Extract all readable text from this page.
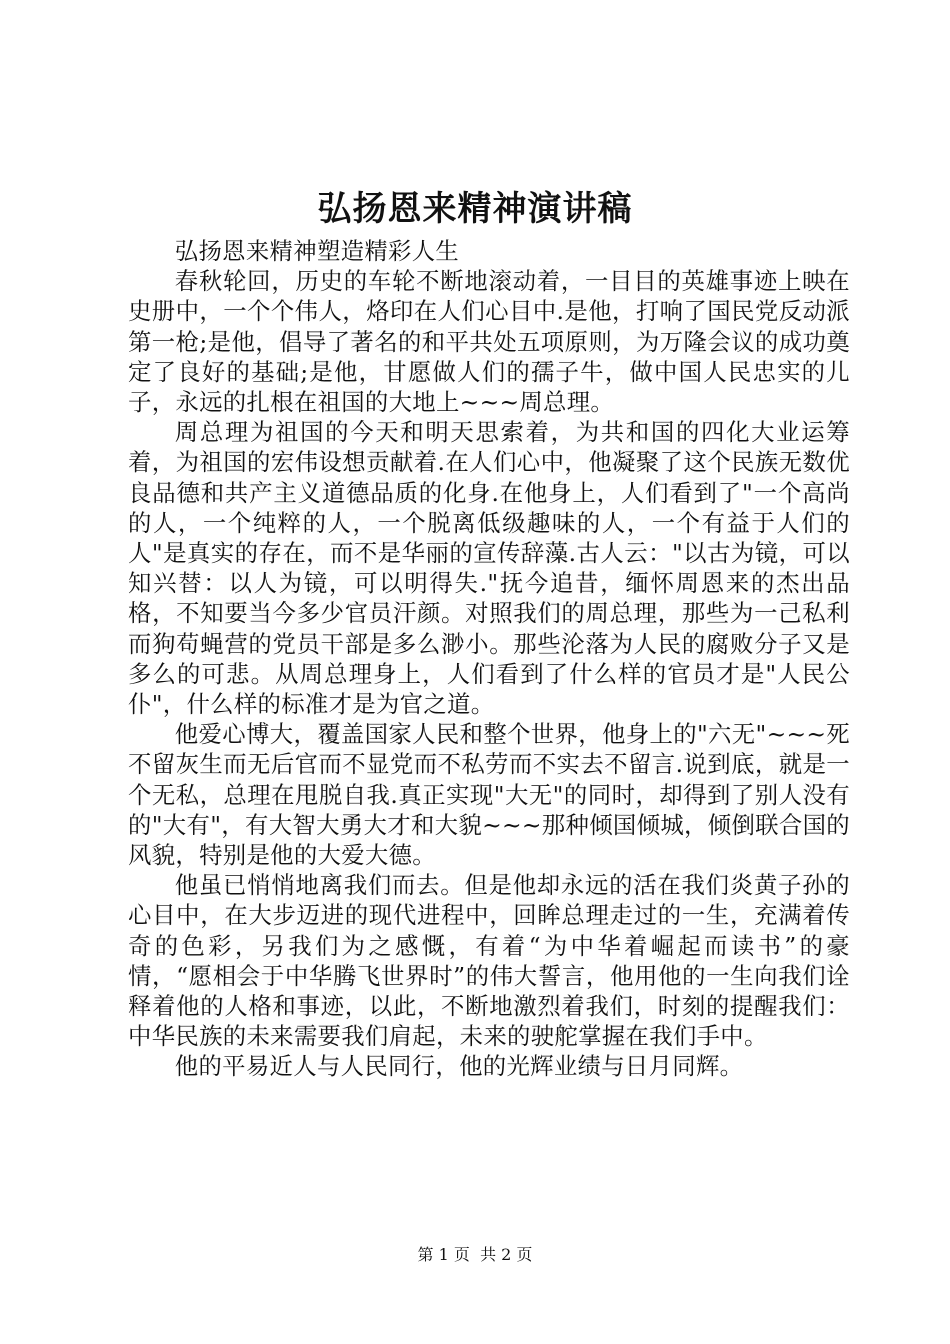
弘扬恩来精神演讲稿

弘扬恩来精神塑造精彩人生

春秋轮回，历史的车轮不断地滚动着，一目目的英雄事迹上映在史册中，一个个伟人，烙印在人们心目中.是他，打响了国民党反动派第一枪;是他，倡导了著名的和平共处五项原则，为万隆会议的成功奠定了良好的基础;是他，甘愿做人们的孺子牛，做中国人民忠实的儿子，永远的扎根在祖国的大地上~~~周总理。

周总理为祖国的今天和明天思索着，为共和国的四化大业运筹着，为祖国的宏伟设想贡献着.在人们心中，他凝聚了这个民族无数优良品德和共产主义道德品质的化身.在他身上，人们看到了"一个高尚的人，一个纯粹的人，一个脱离低级趣味的人，一个有益于人们的人"是真实的存在，而不是华丽的宣传辞藻.古人云："以古为镜，可以知兴替：以人为镜，可以明得失."抚今追昔，缅怀周恩来的杰出品格，不知要当今多少官员汗颜。对照我们的周总理，那些为一己私利而狗苟蝇营的党员干部是多么渺小。那些沦落为人民的腐败分子又是多么的可悲。从周总理身上，人们看到了什么样的官员才是"人民公仆"，什么样的标准才是为官之道。

他爱心博大，覆盖国家人民和整个世界，他身上的"六无"~~~死不留灰生而无后官而不显党而不私劳而不实去不留言.说到底，就是一个无私，总理在甩脱自我.真正实现"大无"的同时，却得到了别人没有的"大有"，有大智大勇大才和大貌~~~那种倾国倾城，倾倒联合国的风貌，特别是他的大爱大德。

他虽已悄悄地离我们而去。但是他却永远的活在我们炎黄子孙的心目中，在大步迈进的现代进程中，回眸总理走过的一生，充满着传奇的色彩，另我们为之感慨，有着“为中华着崛起而读书”的豪情，“愿相会于中华腾飞世界时”的伟大誓言，他用他的一生向我们诠释着他的人格和事迹，以此，不断地激烈着我们，时刻的提醒我们：中华民族的未来需要我们肩起，未来的驶舵掌握在我们手中。

他的平易近人与人民同行，他的光辉业绩与日月同辉。

第 1 页  共 2 页
